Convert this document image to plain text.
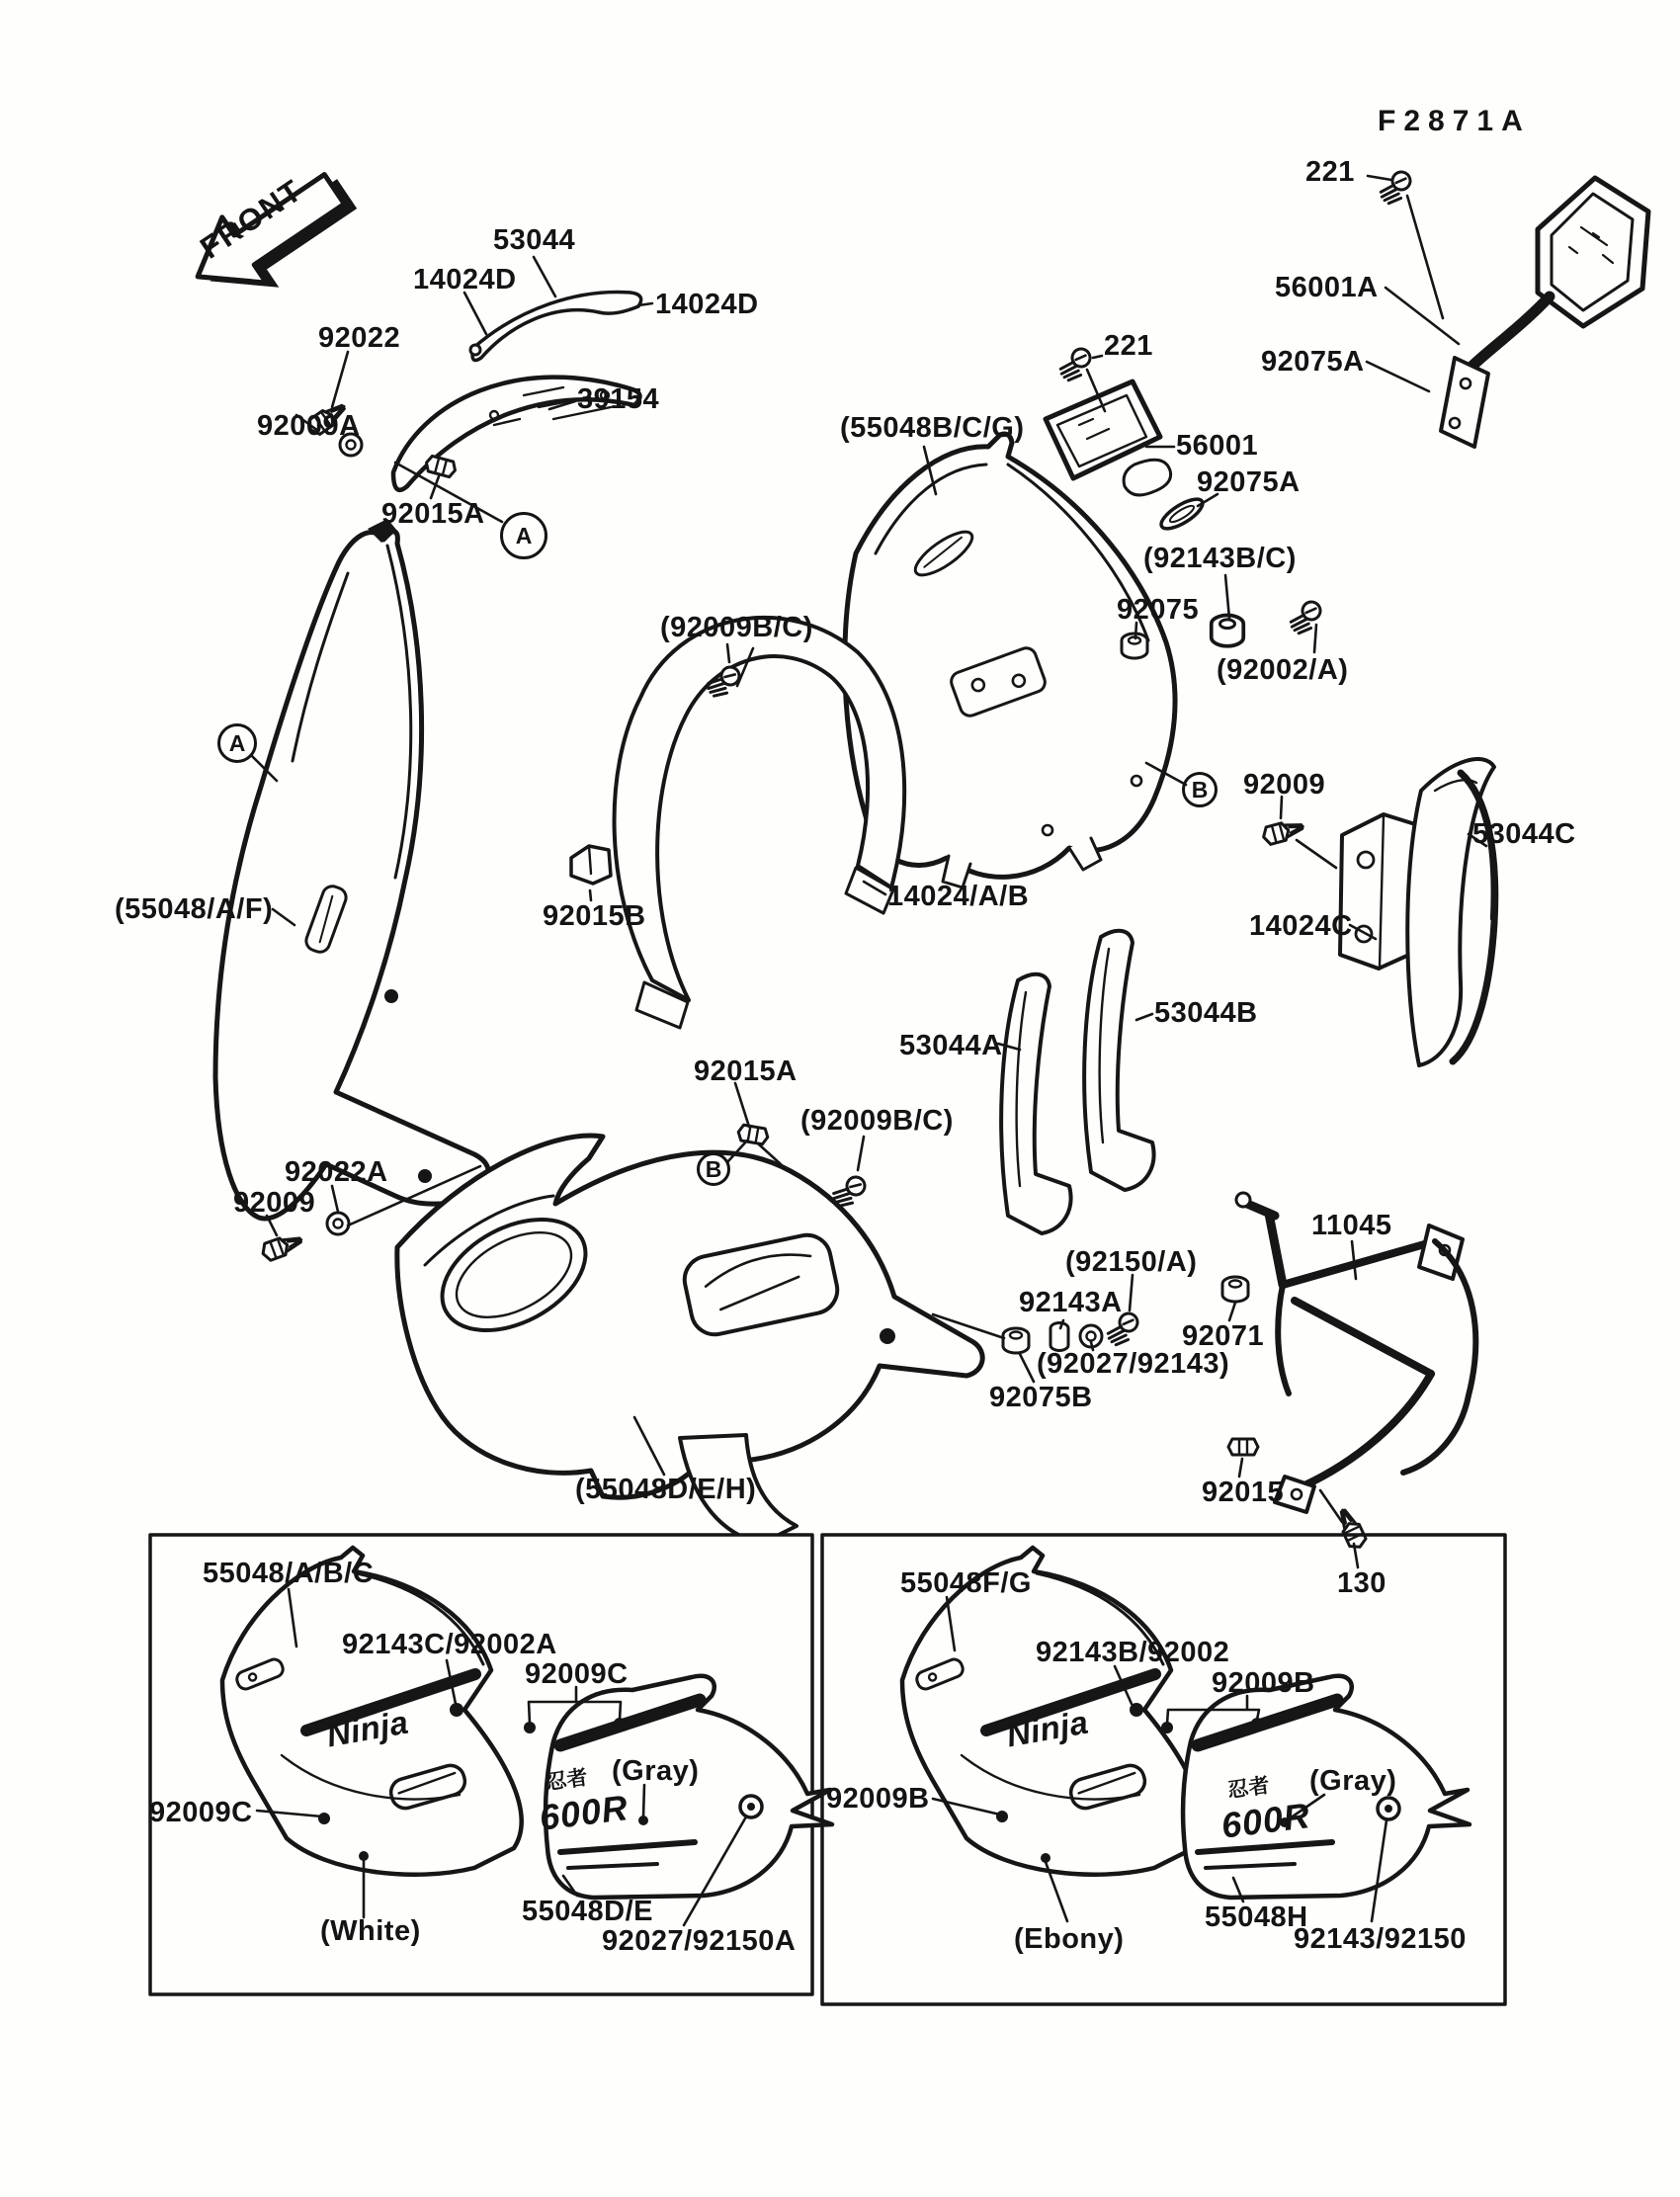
F2871A
FRONT
221
56001A
92075A
53044
14024D
14024D
92022
39154
92009A
92015A
A
(55048B/C/G)
221
56001
92075A
(92143B/C)
92075
(92002/A)
(92009B/C)
92009
B
53044C
14024C
(55048/A/F)	92015B
14024/A/B
A
53044A
53044B
92015A
(92009B/C)
B
92022A
92009
(92150/A)
92143A
11045
92071
(92027/92143)
92075B
92015
130
(55048D/E/H)
55048/A/B/C
92143C/92002A
92009C
92009C
(Gray)
(White)
55048D/E
92027/92150A
Ninja
忍者
600R
55048F/G
92143B/92002
92009B
92009B
(Gray)
(Ebony)
55048H
92143/92150
Ninja
忍者
600R
